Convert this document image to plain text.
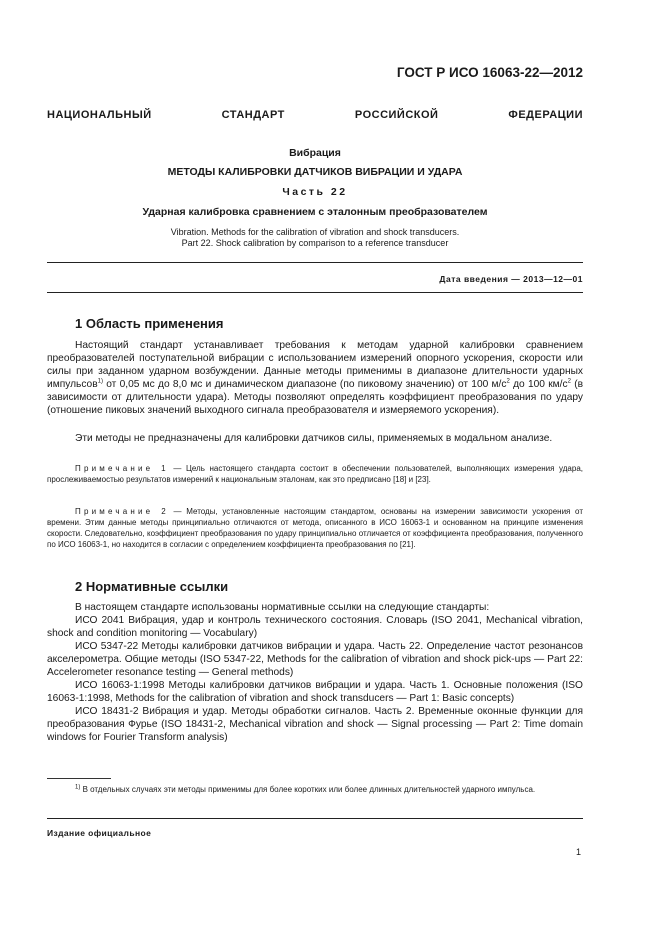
ГОСТ Р ИСО 16063-22—2012
НАЦИОНАЛЬНЫЙ СТАНДАРТ РОССИЙСКОЙ ФЕДЕРАЦИИ
Вибрация
МЕТОДЫ КАЛИБРОВКИ ДАТЧИКОВ ВИБРАЦИИ И УДАРА
Часть 22
Ударная калибровка сравнением с эталонным преобразователем
Vibration. Methods for the calibration of vibration and shock transducers.
Part 22. Shock calibration by comparison to a reference transducer
Дата введения — 2013—12—01
1 Область применения

Настоящий стандарт устанавливает требования к методам ударной калибровки сравнением преобразователей поступательной вибрации с использованием измерений опорного ускорения, скорости или силы при заданном ударном возбуждении. Данные методы применимы в диапазоне длительности ударных импульсов$^{1)}$ от 0,05 мс до 8,0 мс и динамическом диапазоне (по пиковому значению) от 100 $м/с^2$ до 100 $км/с^2$ (в зависимости от длительности удара). Методы позволяют определять коэффициент преобразования по удару (отношение пиковых значений выходного сигнала преобразователя и измеряемого ускорения).

Эти методы не предназначены для калибровки датчиков силы, применяемых в модальном анализе.

Примечание 1 — Цель настоящего стандарта состоит в обеспечении пользователей, выполняющих измерения удара, прослеживаемостью результатов измерений к национальным эталонам, как это предписано [18] и [23].

Примечание 2 — Методы, установленные настоящим стандартом, основаны на измерении зависимости ускорения от времени. Этим данные методы принципиально отличаются от метода, описанного в ИСО 16063-1 и основанном на принципе изменения скорости. Следовательно, коэффициент преобразования по удару принципиально отличается от коэффициента преобразования, полученного по ИСО 16063-1, но находится в согласии с определением коэффициента преобразования по [21].

2 Нормативные ссылки

В настоящем стандарте использованы нормативные ссылки на следующие стандарты:

ИСО 2041 Вибрация, удар и контроль технического состояния. Словарь (ISO 2041, Mechanical vibration, shock and condition monitoring — Vocabulary)

ИСО 5347-22 Методы калибровки датчиков вибрации и удара. Часть 22. Определение частот резонансов акселерометра. Общие методы (ISO 5347-22, Methods for the calibration of vibration and shock pick-ups — Part 22: Accelerometer resonance testing — General methods)

ИСО 16063-1:1998 Методы калибровки датчиков вибрации и удара. Часть 1. Основные положения (ISO 16063-1:1998, Methods for the calibration of vibration and shock transducers — Part 1: Basic concepts)

ИСО 18431-2 Вибрация и удар. Методы обработки сигналов. Часть 2. Временные оконные функции для преобразования Фурье (ISO 18431-2, Mechanical vibration and shock — Signal processing — Part 2: Time domain windows for Fourier Transform analysis)

$^{1)}$ В отдельных случаях эти методы применимы для более коротких или более длинных длительностей ударного импульса.

Издание официальное
1
